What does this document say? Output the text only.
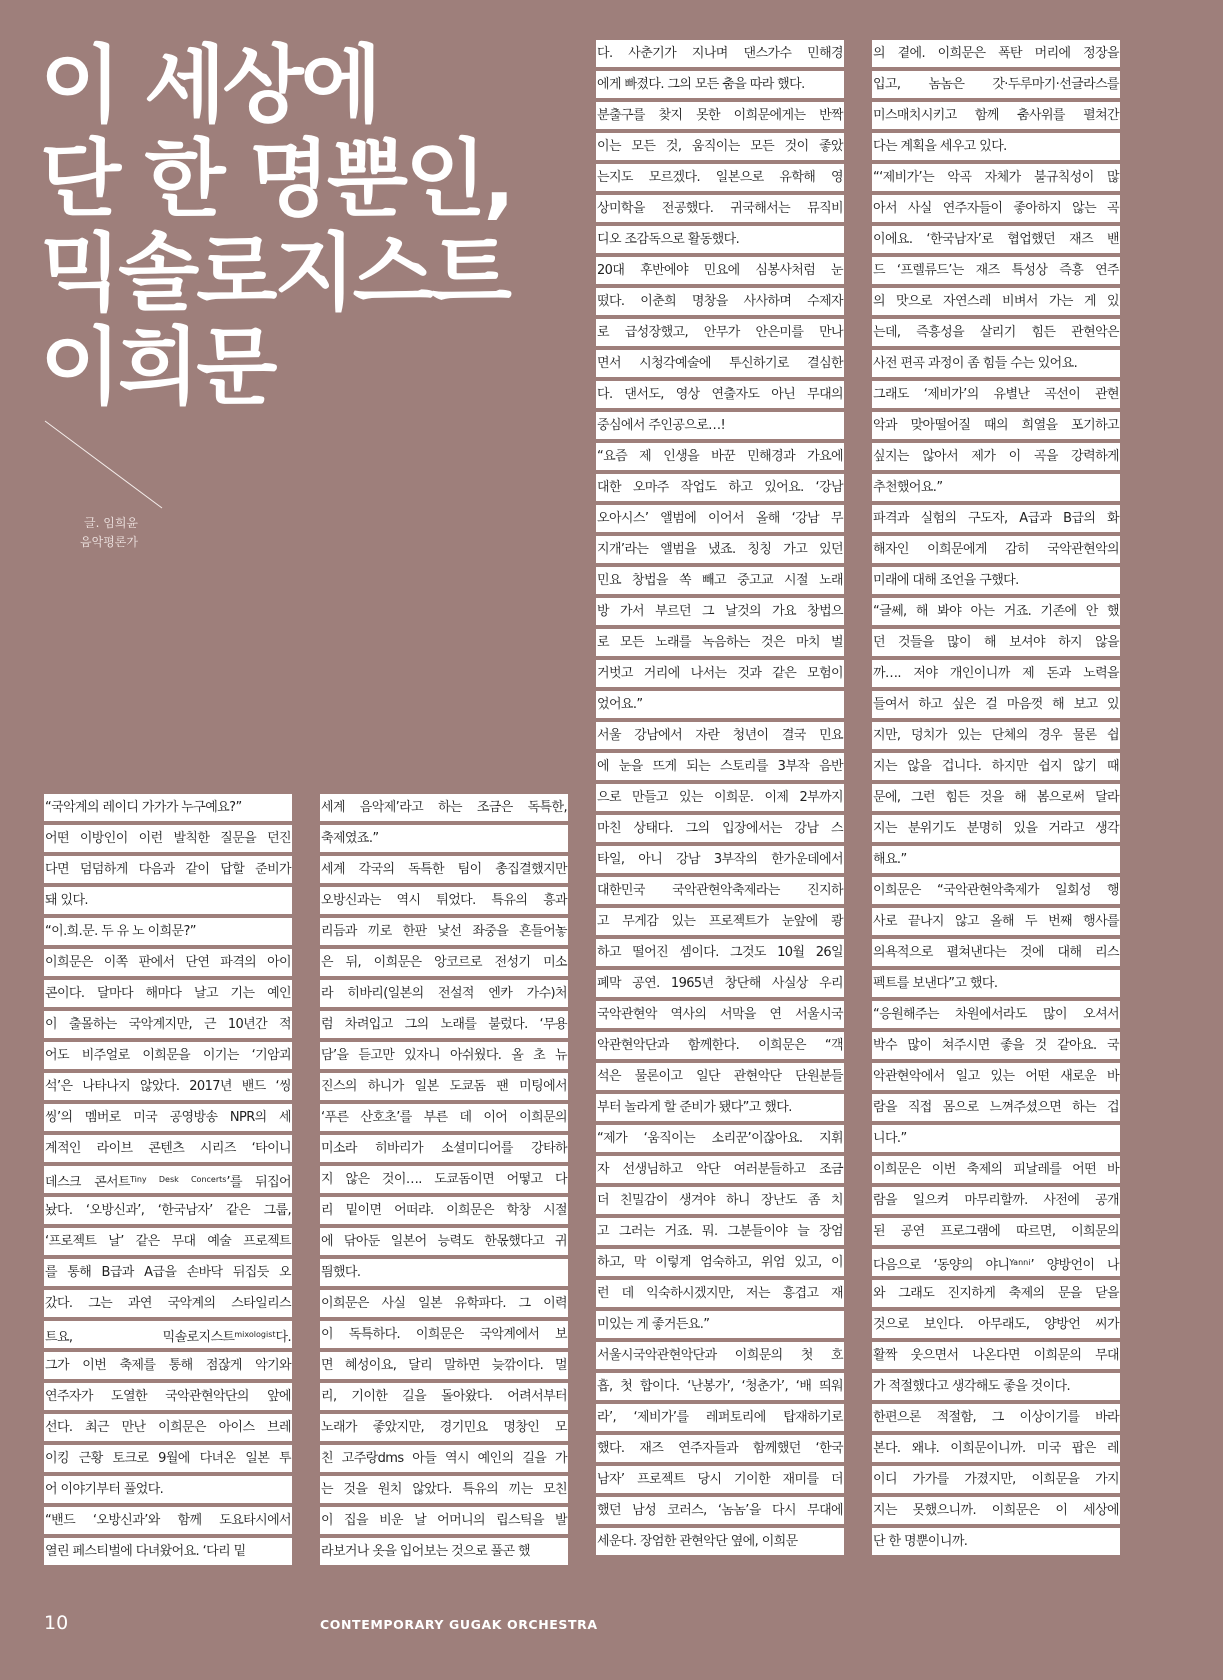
이 세상에
단 한 명뿐인,
믹솔로지스트
이희문
글. 임희윤
음악평론가
“국악계의 레이디 가가가 누구예요?”
어떤 이방인이 이런 발칙한 질문을 던진
다면 덤덤하게 다음과 같이 답할 준비가
돼 있다.
“이.희.문. 두 유 노 이희문?”
이희문은 이쪽 판에서 단연 파격의 아이
콘이다. 달마다 해마다 날고 기는 예인
이 출몰하는 국악계지만, 근 10년간 적
어도 비주얼로 이희문을 이기는 ‘기암괴
석’은 나타나지 않았다. 2017년 밴드 ‘씽
씽’의 멤버로 미국 공영방송 NPR의 세
계적인 라이브 콘텐츠 시리즈 ‘타이니
데스크 콘서트$^{Tiny Desk Concerts}$’를 뒤집어
놨다. ‘오방신과’, ‘한국남자’ 같은 그룹,
‘프로젝트 날’ 같은 무대 예술 프로젝트
를 통해 B급과 A급을 손바닥 뒤집듯 오
갔다. 그는 과연 국악계의 스타일리스
트요, 믹솔로지스트$^{mixologist}$다.
그가 이번 축제를 통해 점잖게 악기와
연주자가 도열한 국악관현악단의 앞에
선다. 최근 만난 이희문은 아이스 브레
이킹 근황 토크로 9월에 다녀온 일본 투
어 이야기부터 풀었다.
“밴드 ‘오방신과’와 함께 도요타시에서
열린 페스티벌에 다녀왔어요. ‘다리 밑
세계 음악제’라고 하는 조금은 독특한,
축제였죠.”
세계 각국의 독특한 팀이 총집결했지만
오방신과는 역시 튀었다. 특유의 흥과
리듬과 끼로 한판 낯선 좌중을 흔들어놓
은 뒤, 이희문은 앙코르로 전성기 미소
라 히바리(일본의 전설적 엔카 가수)처
럼 차려입고 그의 노래를 불렀다. ‘무용
담’을 듣고만 있자니 아쉬웠다. 올 초 뉴
진스의 하니가 일본 도쿄돔 팬 미팅에서
‘푸른 산호초’를 부른 데 이어 이희문의
미소라 히바리가 소셜미디어를 강타하
지 않은 것이…. 도쿄돔이면 어떻고 다
리 밑이면 어떠랴. 이희문은 학창 시절
에 닦아둔 일본어 능력도 한몫했다고 귀
띔했다.
이희문은 사실 일본 유학파다. 그 이력
이 독특하다. 이희문은 국악계에서 보
면 혜성이요, 달리 말하면 늦깎이다. 멀
리, 기이한 길을 돌아왔다. 어려서부터
노래가 좋았지만, 경기민요 명창인 모
친 고주랑dms 아들 역시 예인의 길을 가
는 것을 원치 않았다. 특유의 끼는 모친
이 집을 비운 날 어머니의 립스틱을 발
라보거나 옷을 입어보는 것으로 풀곤 했
다. 사춘기가 지나며 댄스가수 민해경
에게 빠졌다. 그의 모든 춤을 따라 했다.
분출구를 찾지 못한 이희문에게는 반짝
이는 모든 것, 움직이는 모든 것이 좋았
는지도 모르겠다. 일본으로 유학해 영
상미학을 전공했다. 귀국해서는 뮤직비
디오 조감독으로 활동했다.
20대 후반에야 민요에 심봉사처럼 눈
떴다. 이춘희 명창을 사사하며 수제자
로 급성장했고, 안무가 안은미를 만나
면서 시청각예술에 투신하기로 결심한
다. 댄서도, 영상 연출자도 아닌 무대의
중심에서 주인공으로…!
“요즘 제 인생을 바꾼 민해경과 가요에
대한 오마주 작업도 하고 있어요. ‘강남
오아시스’ 앨범에 이어서 올해 ‘강남 무
지개’라는 앨범을 냈죠. 칭칭 가고 있던
민요 창법을 쏙 빼고 중고교 시절 노래
방 가서 부르던 그 날것의 가요 창법으
로 모든 노래를 녹음하는 것은 마치 벌
거벗고 거리에 나서는 것과 같은 모험이
었어요.”
서울 강남에서 자란 청년이 결국 민요
에 눈을 뜨게 되는 스토리를 3부작 음반
으로 만들고 있는 이희문. 이제 2부까지
마친 상태다. 그의 입장에서는 강남 스
타일, 아니 강남 3부작의 한가운데에서
대한민국 국악관현악축제라는 진지하
고 무게감 있는 프로젝트가 눈앞에 쾅
하고 떨어진 셈이다. 그것도 10월 26일
폐막 공연. 1965년 창단해 사실상 우리
국악관현악 역사의 서막을 연 서울시국
악관현악단과 함께한다. 이희문은 “객
석은 물론이고 일단 관현악단 단원분들
부터 놀라게 할 준비가 됐다”고 했다.
“제가 ‘움직이는 소리꾼’이잖아요. 지휘
자 선생님하고 악단 여러분들하고 조금
더 친밀감이 생겨야 하니 장난도 좀 치
고 그러는 거죠. 뭐. 그분들이야 늘 장엄
하고, 막 이렇게 엄숙하고, 위엄 있고, 이
런 데 익숙하시겠지만, 저는 흥겹고 재
미있는 게 좋거든요.”
서울시국악관현악단과 이희문의 첫 호
흡, 첫 합이다. ‘난봉가’, ‘청춘가’, ‘배 띄워
라’, ‘제비가’를 레퍼토리에 탑재하기로
했다. 재즈 연주자들과 함께했던 ‘한국
남자’ 프로젝트 당시 기이한 재미를 더
했던 남성 코러스, ‘놈놈’을 다시 무대에
세운다. 장엄한 관현악단 옆에, 이희문
의 곁에. 이희문은 폭탄 머리에 정장을
입고, 놈놈은 갓·두루마기·선글라스를
미스매치시키고 함께 춤사위를 펼쳐간
다는 계획을 세우고 있다.
“‘제비가’는 악곡 자체가 불규칙성이 많
아서 사실 연주자들이 좋아하지 않는 곡
이에요. ‘한국남자’로 협업했던 재즈 밴
드 ‘프렐류드’는 재즈 특성상 즉흥 연주
의 맛으로 자연스레 비벼서 가는 게 있
는데, 즉흥성을 살리기 힘든 관현악은
사전 편곡 과정이 좀 힘들 수는 있어요.
그래도 ‘제비가’의 유별난 곡선이 관현
악과 맞아떨어질 때의 희열을 포기하고
싶지는 않아서 제가 이 곡을 강력하게
추천했어요.”
파격과 실험의 구도자, A급과 B급의 화
해자인 이희문에게 감히 국악관현악의
미래에 대해 조언을 구했다.
“글쎄, 해 봐야 아는 거죠. 기존에 안 했
던 것들을 많이 해 보셔야 하지 않을
까…. 저야 개인이니까 제 돈과 노력을
들여서 하고 싶은 걸 마음껏 해 보고 있
지만, 덩치가 있는 단체의 경우 물론 쉽
지는 않을 겁니다. 하지만 쉽지 않기 때
문에, 그런 힘든 것을 해 봄으로써 달라
지는 분위기도 분명히 있을 거라고 생각
해요.”
이희문은 “국악관현악축제가 일회성 행
사로 끝나지 않고 올해 두 번째 행사를
의욕적으로 펼쳐낸다는 것에 대해 리스
펙트를 보낸다”고 했다.
“응원해주는 차원에서라도 많이 오셔서
박수 많이 쳐주시면 좋을 것 같아요. 국
악관현악에서 일고 있는 어떤 새로운 바
람을 직접 몸으로 느껴주셨으면 하는 겁
니다.”
이희문은 이번 축제의 피날레를 어떤 바
람을 일으켜 마무리할까. 사전에 공개
된 공연 프로그램에 따르면, 이희문의
다음으로 ‘동양의 야니$^{Yanni}$’ 양방언이 나
와 그래도 진지하게 축제의 문을 닫을
것으로 보인다. 아무래도, 양방언 씨가
활짝 웃으면서 나온다면 이희문의 무대
가 적절했다고 생각해도 좋을 것이다.
한편으론 적절함, 그 이상이기를 바라
본다. 왜냐. 이희문이니까. 미국 팝은 레
이디 가가를 가졌지만, 이희문을 가지
지는 못했으니까. 이희문은 이 세상에
단 한 명뿐이니까.
10	CONTEMPORARY GUGAK ORCHESTRA
